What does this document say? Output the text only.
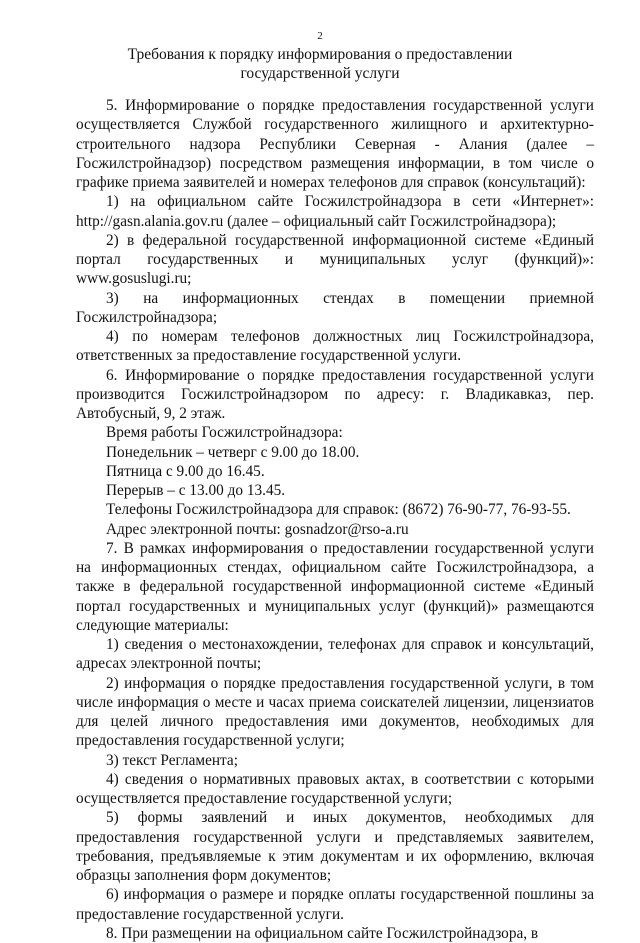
2
Требования к порядку информирования о предоставлении
государственной услуги

5. Информирование о порядке предоставления государственной услуги осуществляется Службой государственного жилищного и архитектурно-строительного надзора Республики Северная - Алания (далее – Госжилстройнадзор) посредством размещения информации, в том числе о графике приема заявителей и номерах телефонов для справок (консультаций):

1) на официальном сайте Госжилстройнадзора в сети «Интернет»: http://gasn.alania.gov.ru (далее – официальный сайт Госжилстройнадзора);

2) в федеральной государственной информационной системе «Единый портал государственных и муниципальных услуг (функций)»: www.gosuslugi.ru;

3) на информационных стендах в помещении приемной Госжилстройнадзора;

4) по номерам телефонов должностных лиц Госжилстройнадзора, ответственных за предоставление государственной услуги.

6. Информирование о порядке предоставления государственной услуги производится Госжилстройнадзором по адресу: г. Владикавказ, пер. Автобусный, 9, 2 этаж.

Время работы Госжилстройнадзора:

Понедельник – четверг с 9.00 до 18.00.

Пятница с 9.00 до 16.45.

Перерыв – с 13.00 до 13.45.

Телефоны Госжилстройнадзора для справок: (8672) 76-90-77, 76-93-55.

Адрес электронной почты: gosnadzor@rso-a.ru

7. В рамках информирования о предоставлении государственной услуги на информационных стендах, официальном сайте Госжилстройнадзора, а также в федеральной государственной информационной системе «Единый портал государственных и муниципальных услуг (функций)» размещаются следующие материалы:

1) сведения о местонахождении, телефонах для справок и консультаций, адресах электронной почты;

2) информация о порядке предоставления государственной услуги, в том числе информация о месте и часах приема соискателей лицензии, лицензиатов для целей личного предоставления ими документов, необходимых для предоставления государственной услуги;

3) текст Регламента;

4) сведения о нормативных правовых актах, в соответствии с которыми осуществляется предоставление государственной услуги;

5) формы заявлений и иных документов, необходимых для предоставления государственной услуги и представляемых заявителем, требования, предъявляемые к этим документам и их оформлению, включая образцы заполнения форм документов;

6) информация о размере и порядке оплаты государственной пошлины за предоставление государственной услуги.

8. При размещении на официальном сайте Госжилстройнадзора, в
